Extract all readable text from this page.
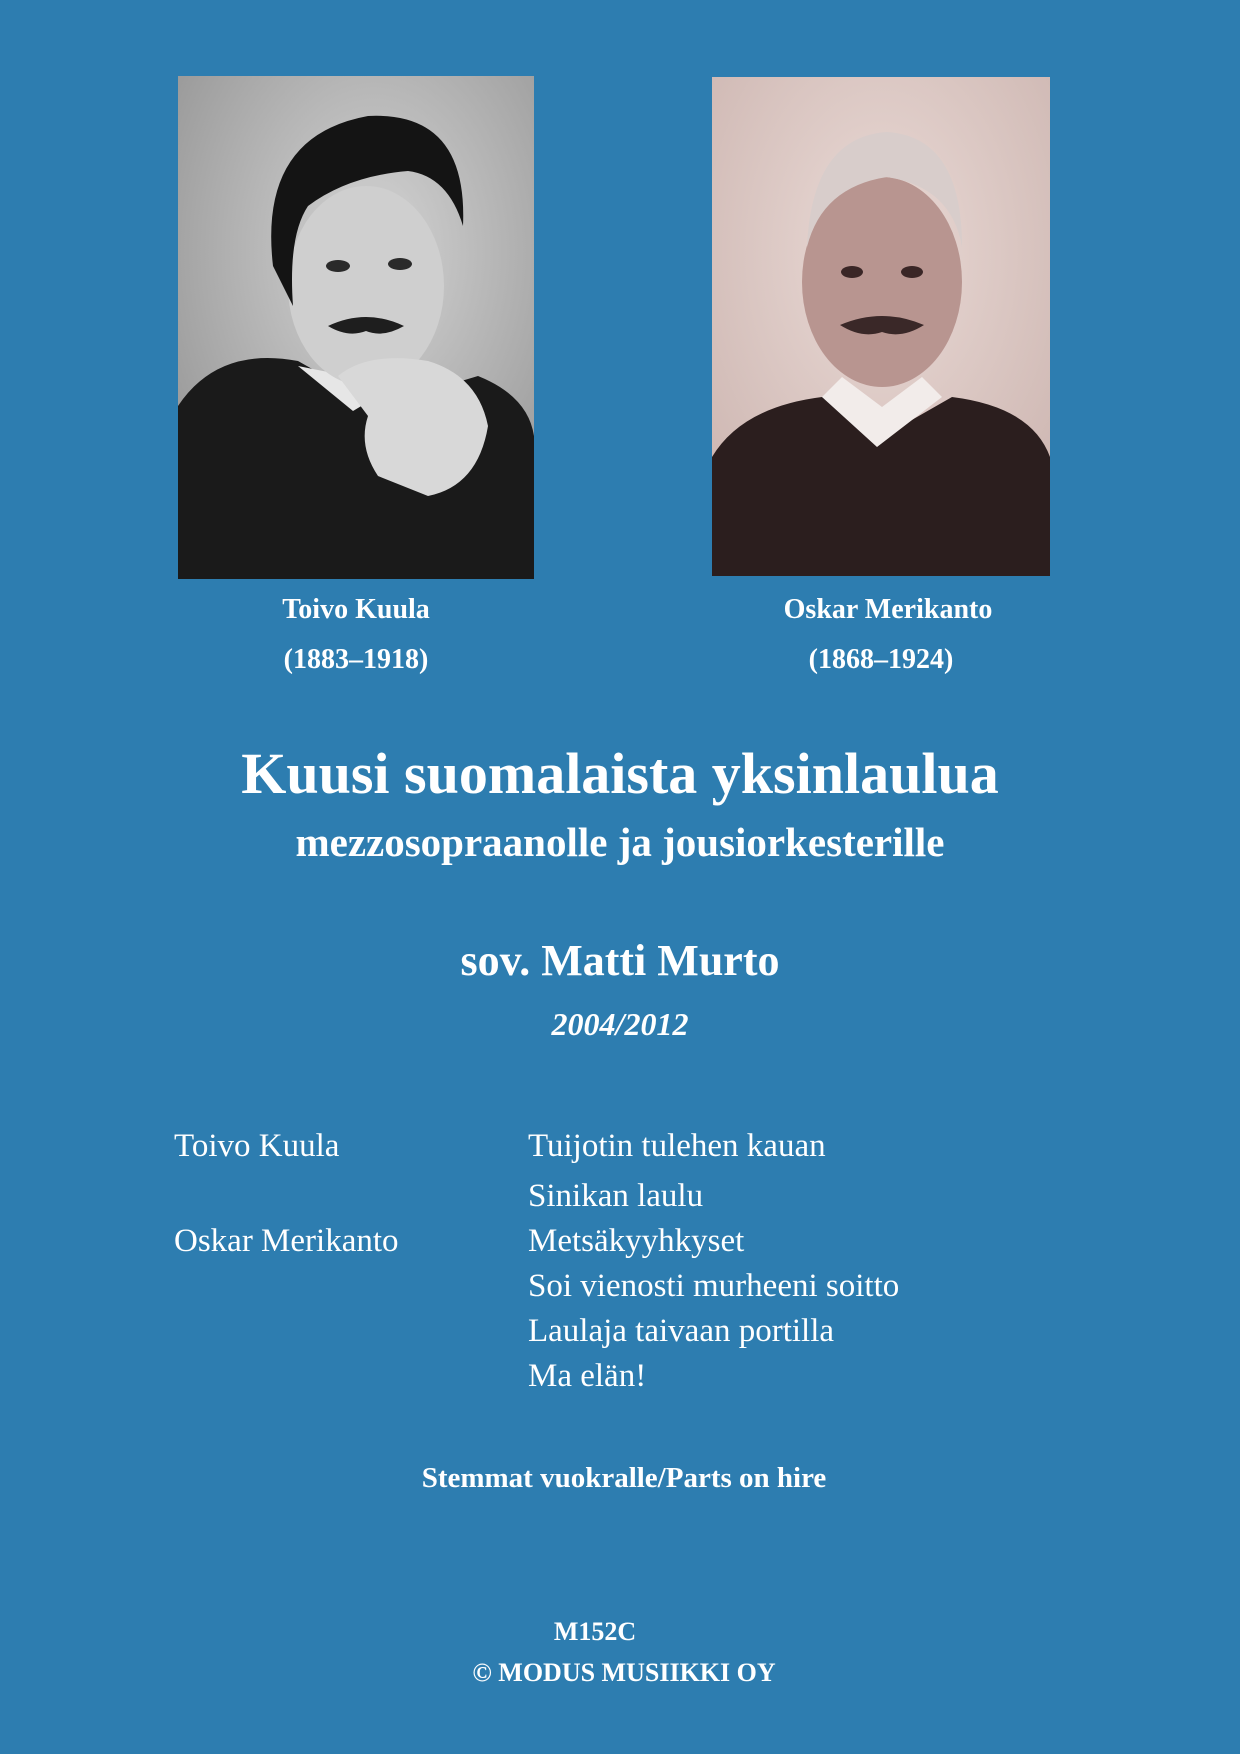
Toivo Kuula
(1883–1918)
Oskar Merikanto
(1868–1924)
Kuusi suomalaista yksinlaulua
mezzosopraanolle ja jousiorkesterille
sov. Matti Murto
2004/2012
Toivo Kuula
Oskar Merikanto
Tuijotin tulehen kauan
Sinikan laulu
Metsäkyyhkyset
Soi vienosti murheeni soitto
Laulaja taivaan portilla
Ma elän!
Stemmat vuokralle/Parts on hire
M152C
© MODUS MUSIIKKI OY
